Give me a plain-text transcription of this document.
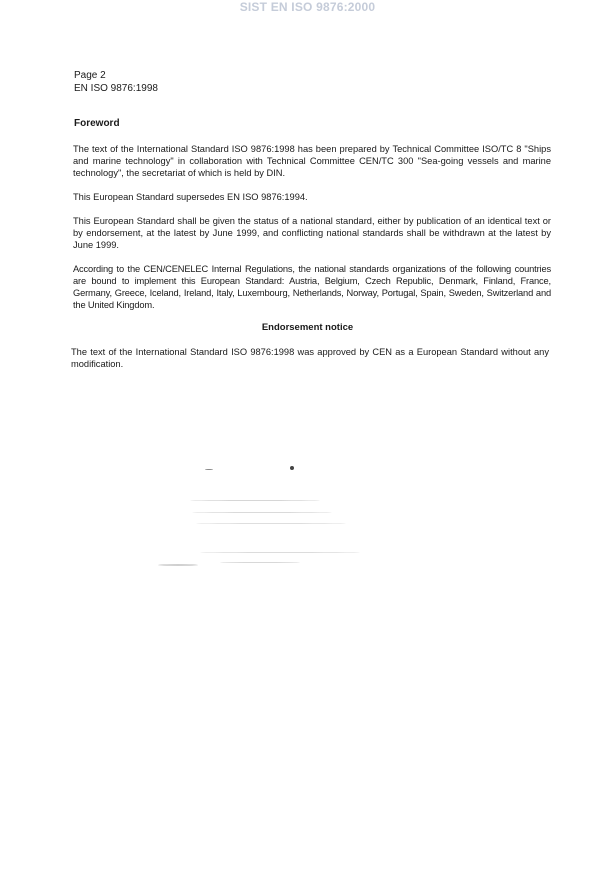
SIST EN ISO 9876:2000
Page 2
EN ISO 9876:1998
Foreword
The text of the International Standard ISO 9876:1998 has been prepared by Technical Committee ISO/TC 8 "Ships and marine technology" in collaboration with Technical Committee CEN/TC 300 "Sea-going vessels and marine technology", the secretariat of which is held by DIN.
This European Standard supersedes EN ISO 9876:1994.
This European Standard shall be given the status of a national standard, either by publication of an identical text or by endorsement, at the latest by June 1999, and conflicting national standards shall be withdrawn at the latest by June 1999.
According to the CEN/CENELEC Internal Regulations, the national standards organizations of the following countries are bound to implement this European Standard: Austria, Belgium, Czech Republic, Denmark, Finland, France, Germany, Greece, Iceland, Ireland, Italy, Luxembourg, Netherlands, Norway, Portugal, Spain, Sweden, Switzerland and the United Kingdom.
Endorsement notice
The text of the International Standard ISO 9876:1998 was approved by CEN as a European Standard without any modification.
